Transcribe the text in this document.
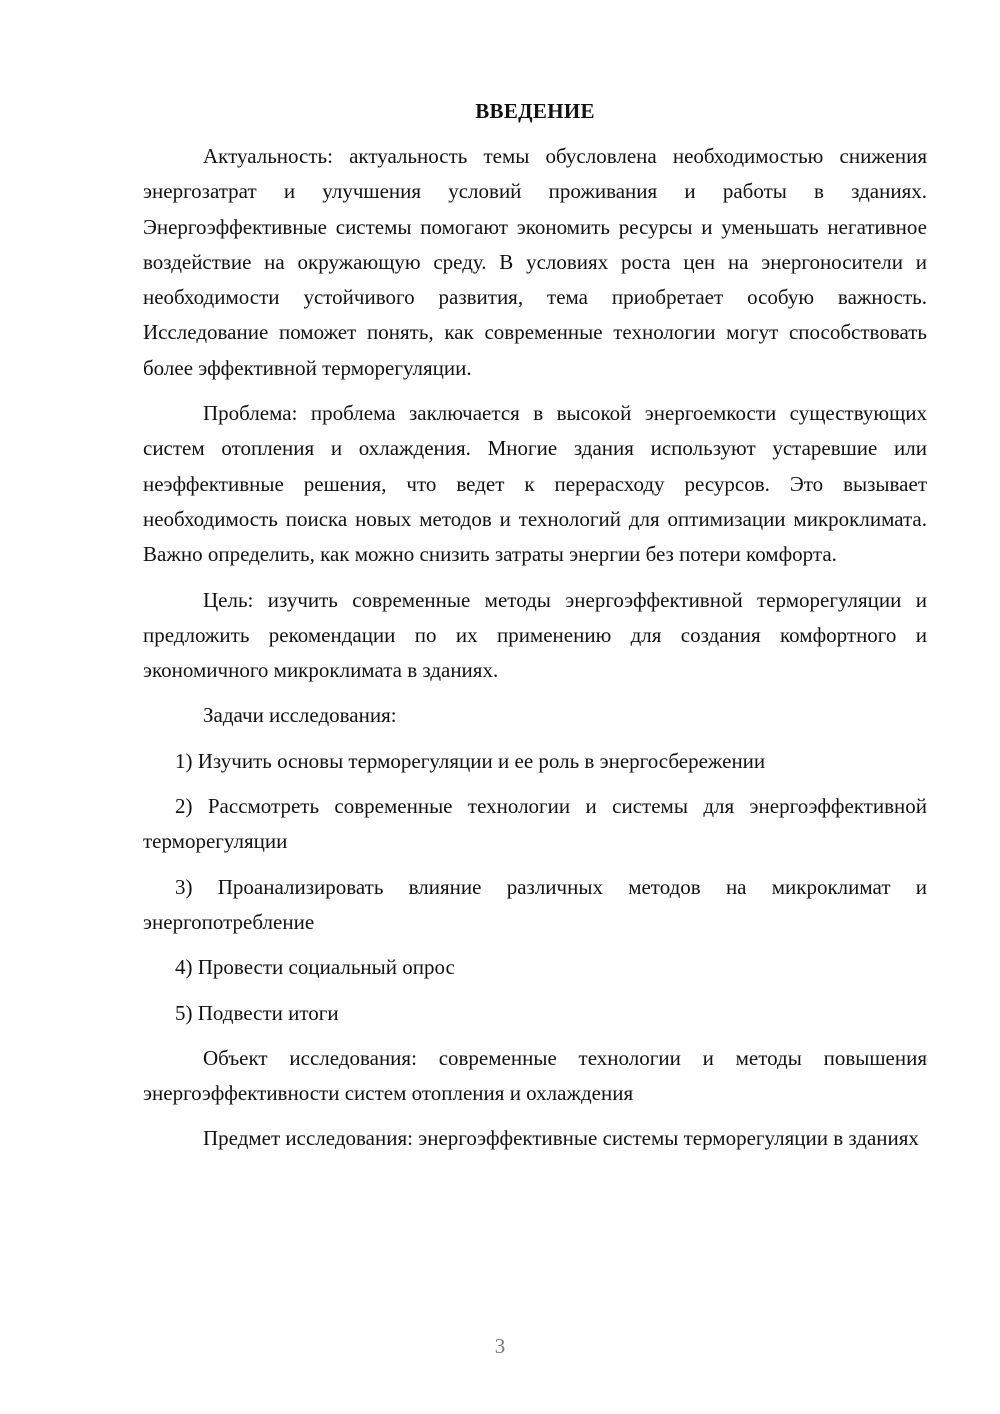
ВВЕДЕНИЕ

Актуальность: актуальность темы обусловлена необходимостью снижения энергозатрат и улучшения условий проживания и работы в зданиях. Энергоэффективные системы помогают экономить ресурсы и уменьшать негативное воздействие на окружающую среду. В условиях роста цен на энергоносители и необходимости устойчивого развития, тема приобретает особую важность. Исследование поможет понять, как современные технологии могут способствовать более эффективной терморегуляции.

Проблема: проблема заключается в высокой энергоемкости существующих систем отопления и охлаждения. Многие здания используют устаревшие или неэффективные решения, что ведет к перерасходу ресурсов. Это вызывает необходимость поиска новых методов и технологий для оптимизации микроклимата. Важно определить, как можно снизить затраты энергии без потери комфорта.

Цель: изучить современные методы энергоэффективной терморегуляции и предложить рекомендации по их применению для создания комфортного и экономичного микроклимата в зданиях.

Задачи исследования:

1) Изучить основы терморегуляции и ее роль в энергосбережении

2) Рассмотреть современные технологии и системы для энергоэффективной терморегуляции

3) Проанализировать влияние различных методов на микроклимат и энергопотребление

4) Провести социальный опрос

5) Подвести итоги

Объект исследования: современные технологии и методы повышения энергоэффективности систем отопления и охлаждения

Предмет исследования: энергоэффективные системы терморегуляции в зданиях

3
